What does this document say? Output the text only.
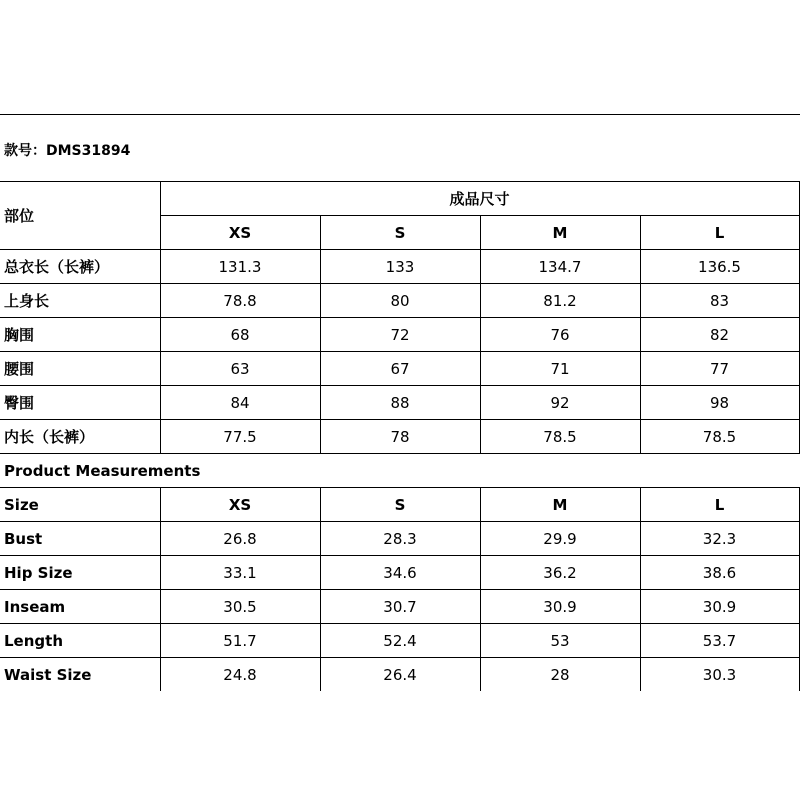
款号：DMS31894
部位	成品尺寸			
	XS	S	M	L
总衣长（长裤）	131.3	133	134.7	136.5
上身长	78.8	80	81.2	83
胸围	68	72	76	82
腰围	63	67	71	77
臀围	84	88	92	98
内长（长裤）	77.5	78	78.5	78.5
Product Measurements				
Size	XS	S	M	L
Bust	26.8	28.3	29.9	32.3
Hip Size	33.1	34.6	36.2	38.6
Inseam	30.5	30.7	30.9	30.9
Length	51.7	52.4	53	53.7
Waist Size	24.8	26.4	28	30.3
